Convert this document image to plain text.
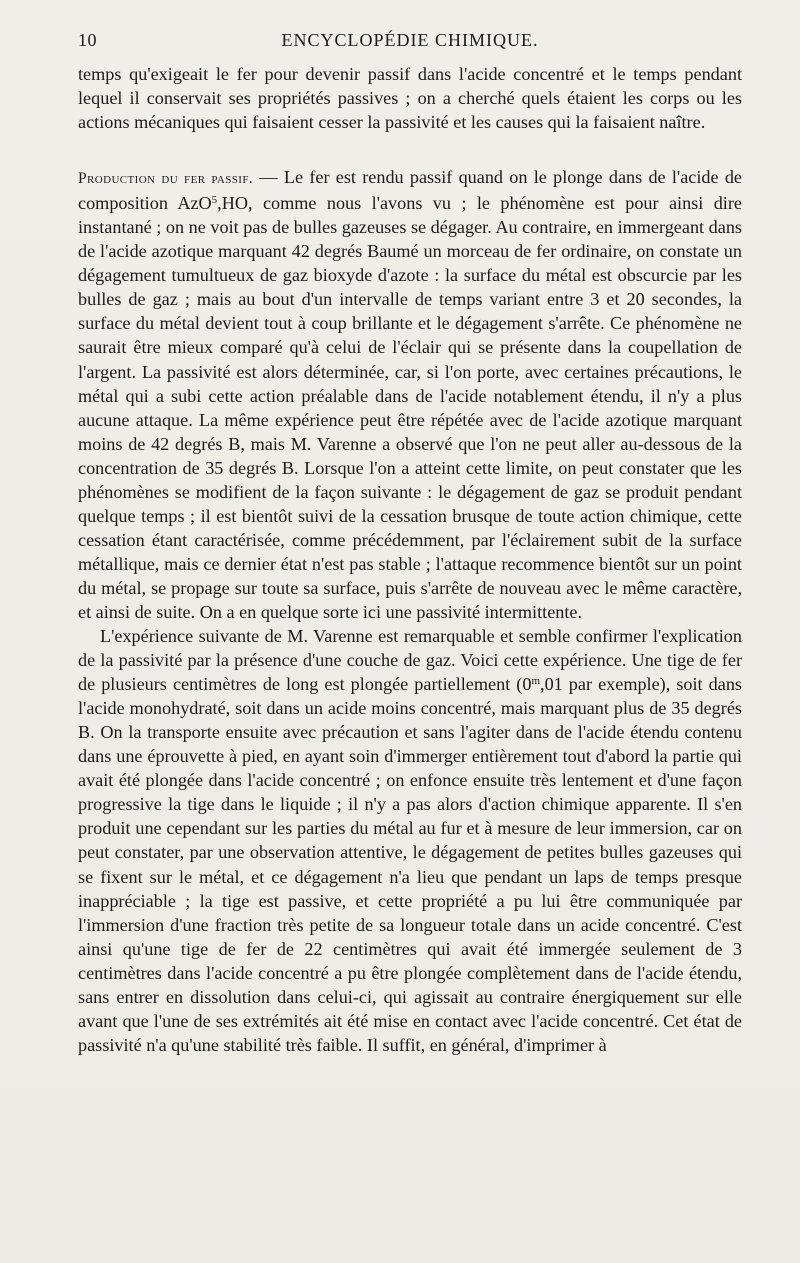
10	ENCYCLOPÉDIE CHIMIQUE.

temps qu'exigeait le fer pour devenir passif dans l'acide concentré et le temps pendant lequel il conservait ses propriétés passives ; on a cherché quels étaient les corps ou les actions mécaniques qui faisaient cesser la passivité et les causes qui la faisaient naître.

Production du fer passif. — Le fer est rendu passif quand on le plonge dans de l'acide de composition AzO$^5$,HO, comme nous l'avons vu ; le phénomène est pour ainsi dire instantané ; on ne voit pas de bulles gazeuses se dégager. Au contraire, en immergeant dans de l'acide azotique marquant 42 degrés Baumé un morceau de fer ordinaire, on constate un dégagement tumultueux de gaz bioxyde d'azote : la surface du métal est obscurcie par les bulles de gaz ; mais au bout d'un intervalle de temps variant entre 3 et 20 secondes, la surface du métal devient tout à coup brillante et le dégagement s'arrête. Ce phénomène ne saurait être mieux comparé qu'à celui de l'éclair qui se présente dans la coupellation de l'argent. La passivité est alors déterminée, car, si l'on porte, avec certaines précautions, le métal qui a subi cette action préalable dans de l'acide notablement étendu, il n'y a plus aucune attaque. La même expérience peut être répétée avec de l'acide azotique marquant moins de 42 degrés B, mais M. Varenne a observé que l'on ne peut aller au-dessous de la concentration de 35 degrés B. Lorsque l'on a atteint cette limite, on peut constater que les phénomènes se modifient de la façon suivante : le dégagement de gaz se produit pendant quelque temps ; il est bientôt suivi de la cessation brusque de toute action chimique, cette cessation étant caractérisée, comme précédemment, par l'éclairement subit de la surface métallique, mais ce dernier état n'est pas stable ; l'attaque recommence bientôt sur un point du métal, se propage sur toute sa surface, puis s'arrête de nouveau avec le même caractère, et ainsi de suite. On a en quelque sorte ici une passivité intermittente.

L'expérience suivante de M. Varenne est remarquable et semble confirmer l'explication de la passivité par la présence d'une couche de gaz. Voici cette expérience. Une tige de fer de plusieurs centimètres de long est plongée partiellement (0$^m$,01 par exemple), soit dans l'acide monohydraté, soit dans un acide moins concentré, mais marquant plus de 35 degrés B. On la transporte ensuite avec précaution et sans l'agiter dans de l'acide étendu contenu dans une éprouvette à pied, en ayant soin d'immerger entièrement tout d'abord la partie qui avait été plongée dans l'acide concentré ; on enfonce ensuite très lentement et d'une façon progressive la tige dans le liquide ; il n'y a pas alors d'action chimique apparente. Il s'en produit une cependant sur les parties du métal au fur et à mesure de leur immersion, car on peut constater, par une observation attentive, le dégagement de petites bulles gazeuses qui se fixent sur le métal, et ce dégagement n'a lieu que pendant un laps de temps presque inappréciable ; la tige est passive, et cette propriété a pu lui être communiquée par l'immersion d'une fraction très petite de sa longueur totale dans un acide concentré. C'est ainsi qu'une tige de fer de 22 centimètres qui avait été immergée seulement de 3 centimètres dans l'acide concentré a pu être plongée complètement dans de l'acide étendu, sans entrer en dissolution dans celui-ci, qui agissait au contraire énergiquement sur elle avant que l'une de ses extrémités ait été mise en contact avec l'acide concentré. Cet état de passivité n'a qu'une stabilité très faible. Il suffit, en général, d'imprimer à
